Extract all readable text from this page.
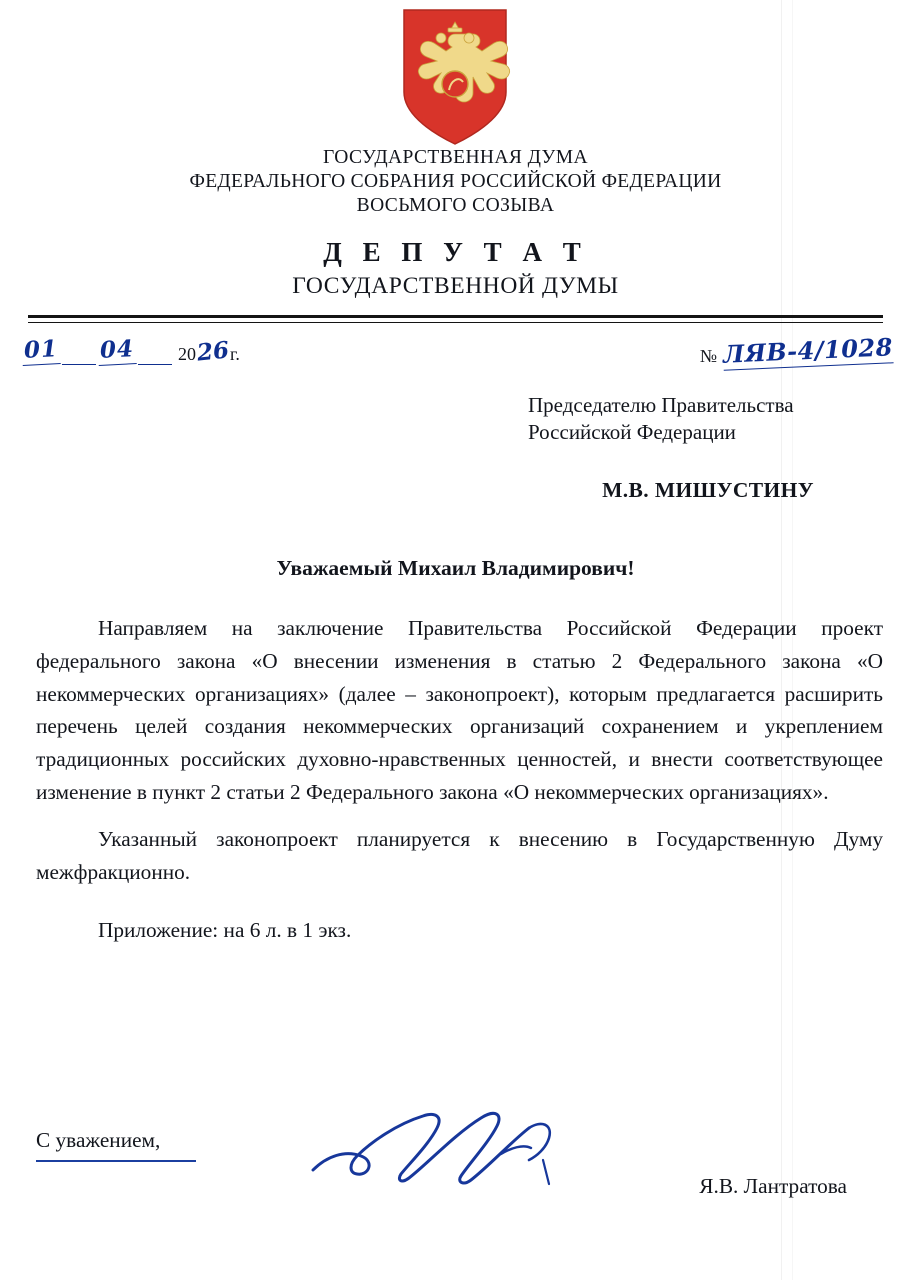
ГОСУДАРСТВЕННАЯ ДУМА
ФЕДЕРАЛЬНОГО СОБРАНИЯ РОССИЙСКОЙ ФЕДЕРАЦИИ
ВОСЬМОГО СОЗЫВА
Д Е П У Т А Т
ГОСУДАРСТВЕННОЙ ДУМЫ
01 04 20 26 г.	№ ЛЯВ-4/1028
Председателю Правительства
Российской Федерации
М.В. МИШУСТИНУ
Уважаемый Михаил Владимирович!

Направляем на заключение Правительства Российской Федерации проект федерального закона «О внесении изменения в статью 2 Федерального закона «О некоммерческих организациях» (далее – законопроект), которым предлагается расширить перечень целей создания некоммерческих организаций сохранением и укреплением традиционных российских духовно-нравственных ценностей, и внести соответствующее изменение в пункт 2 статьи 2 Федерального закона «О некоммерческих организациях».

Указанный законопроект планируется к внесению в Государственную Думу межфракционно.

Приложение: на 6 л. в 1 экз.

С уважением,
Я.В. Лантратова
